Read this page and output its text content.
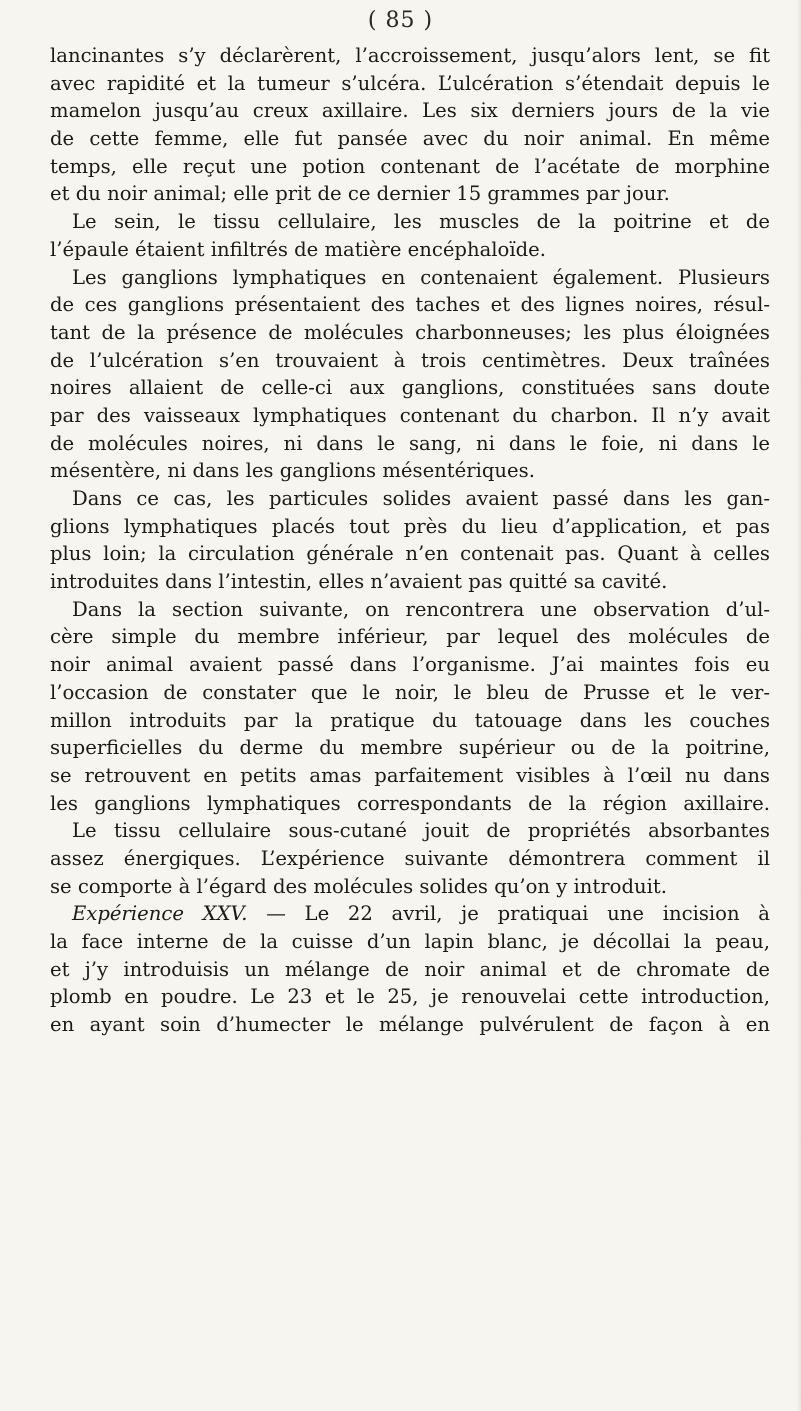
( 85 )
lancinantes s’y déclarèrent, l’accroissement, jusqu’alors lent, se fit
avec rapidité et la tumeur s’ulcéra. L’ulcération s’étendait depuis le
mamelon jusqu’au creux axillaire. Les six derniers jours de la vie
de cette femme, elle fut pansée avec du noir animal. En même
temps, elle reçut une potion contenant de l’acétate de morphine
et du noir animal; elle prit de ce dernier 15 grammes par jour.
Le sein, le tissu cellulaire, les muscles de la poitrine et de
l’épaule étaient infiltrés de matière encéphaloïde.
Les ganglions lymphatiques en contenaient également. Plusieurs
de ces ganglions présentaient des taches et des lignes noires, résul-
tant de la présence de molécules charbonneuses; les plus éloignées
de l’ulcération s’en trouvaient à trois centimètres. Deux traînées
noires allaient de celle-ci aux ganglions, constituées sans doute
par des vaisseaux lymphatiques contenant du charbon. Il n’y avait
de molécules noires, ni dans le sang, ni dans le foie, ni dans le
mésentère, ni dans les ganglions mésentériques.
Dans ce cas, les particules solides avaient passé dans les gan-
glions lymphatiques placés tout près du lieu d’application, et pas
plus loin; la circulation générale n’en contenait pas. Quant à celles
introduites dans l’intestin, elles n’avaient pas quitté sa cavité.
Dans la section suivante, on rencontrera une observation d’ul-
cère simple du membre inférieur, par lequel des molécules de
noir animal avaient passé dans l’organisme. J’ai maintes fois eu
l’occasion de constater que le noir, le bleu de Prusse et le ver-
millon introduits par la pratique du tatouage dans les couches
superficielles du derme du membre supérieur ou de la poitrine,
se retrouvent en petits amas parfaitement visibles à l’œil nu dans
les ganglions lymphatiques correspondants de la région axillaire.
Le tissu cellulaire sous-cutané jouit de propriétés absorbantes
assez énergiques. L’expérience suivante démontrera comment il
se comporte à l’égard des molécules solides qu’on y introduit.
Expérience XXV. — Le 22 avril, je pratiquai une incision à
la face interne de la cuisse d’un lapin blanc, je décollai la peau,
et j’y introduisis un mélange de noir animal et de chromate de
plomb en poudre. Le 23 et le 25, je renouvelai cette introduction,
en ayant soin d’humecter le mélange pulvérulent de façon à en
